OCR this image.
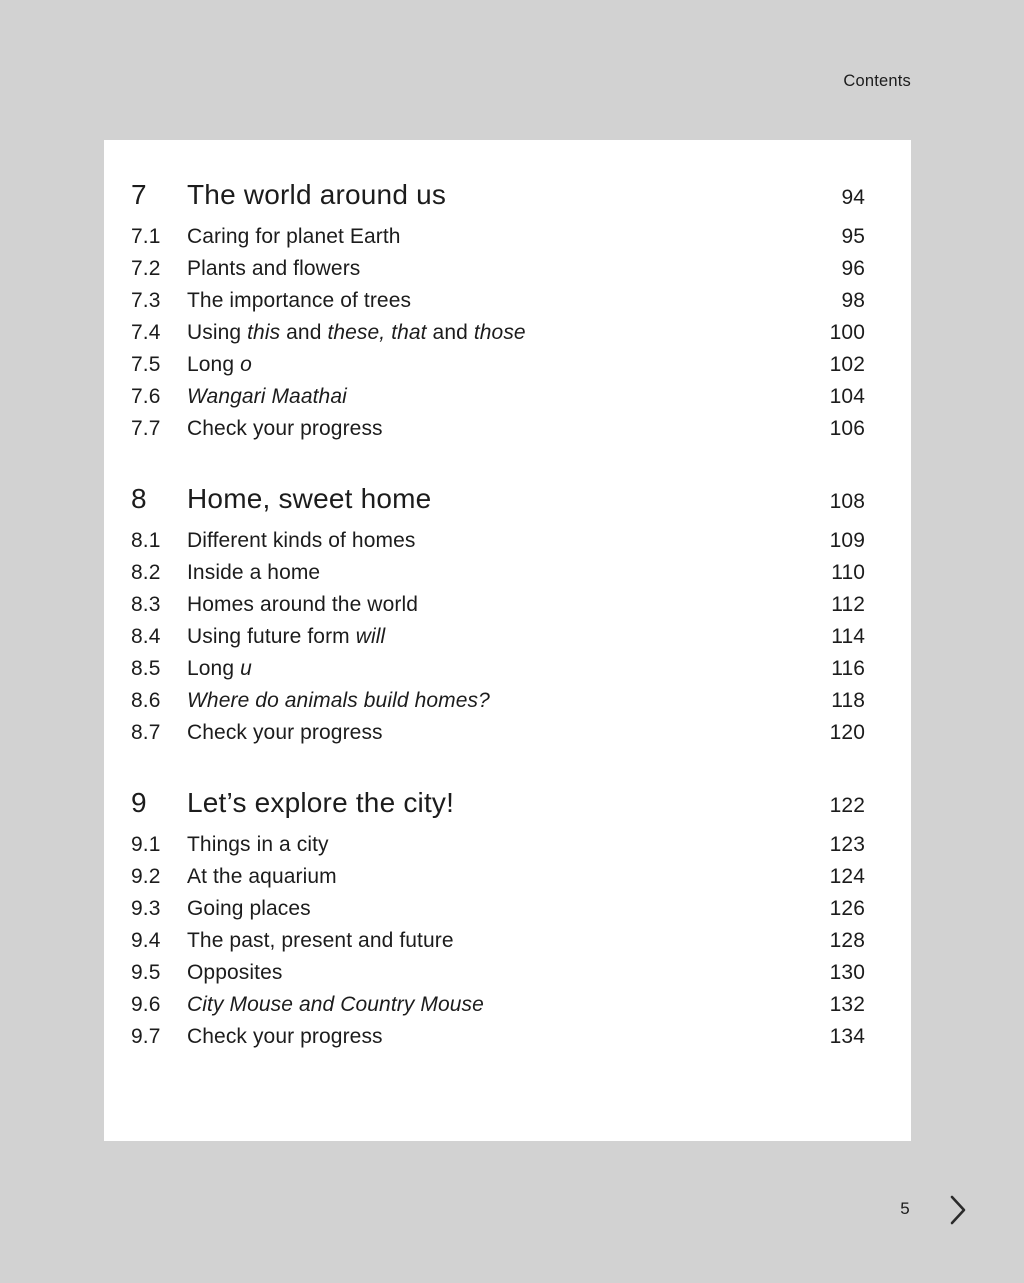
Contents
7	The world around us	94
7.1	Caring for planet Earth	95
7.2	Plants and flowers	96
7.3	The importance of trees	98
7.4	Using this and these, that and those	100
7.5	Long o	102
7.6	Wangari Maathai	104
7.7	Check your progress	106
8	Home, sweet home	108
8.1	Different kinds of homes	109
8.2	Inside a home	110
8.3	Homes around the world	112
8.4	Using future form will	114
8.5	Long u	116
8.6	Where do animals build homes?	118
8.7	Check your progress	120
9	Let’s explore the city!	122
9.1	Things in a city	123
9.2	At the aquarium	124
9.3	Going places	126
9.4	The past, present and future	128
9.5	Opposites	130
9.6	City Mouse and Country Mouse	132
9.7	Check your progress	134
5
